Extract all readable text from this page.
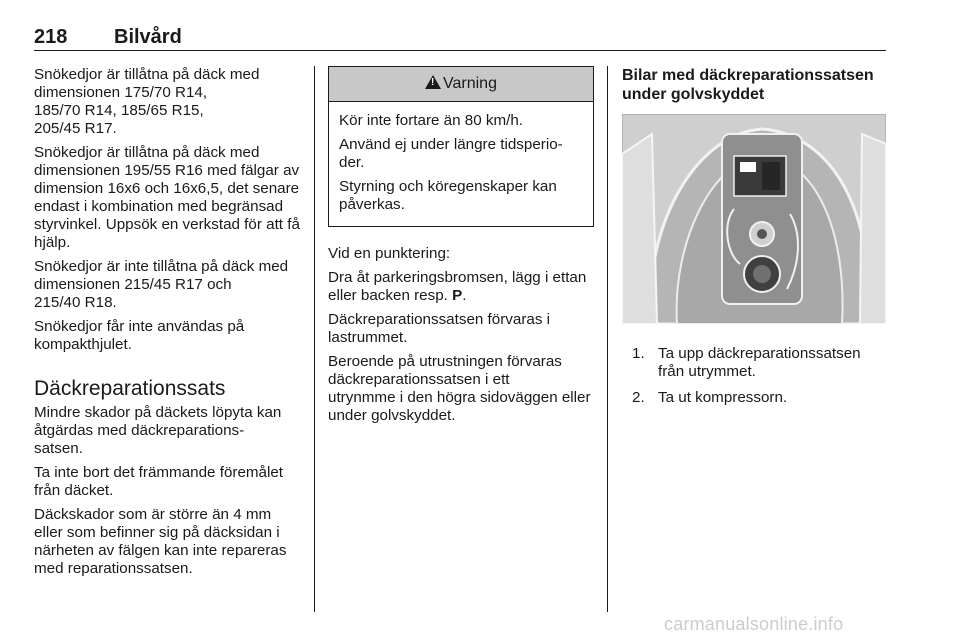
218 Bilvård

Snökedjor är tillåtna på däck med
dimensionen 175/70 R14,
185/70 R14, 185/65 R15,
205/45 R17.

Snökedjor är tillåtna på däck med dimensionen 195/55 R16 med fälgar av dimension 16x6 och 16x6,5, det senare endast i kombination med begränsad styrvinkel. Uppsök en verkstad för att få hjälp.

Snökedjor är inte tillåtna på däck med dimensionen 215/45 R17 och
215/40 R18.

Snökedjor får inte användas på kompakthjulet.

Däckreparationssats

Mindre skador på däckets löpyta kan åtgärdas med däckreparations-
satsen.

Ta inte bort det främmande föremålet från däcket.

Däckskador som är större än 4 mm eller som befinner sig på däcksidan i närheten av fälgen kan inte repareras med reparationssatsen.

!Varning

Kör inte fortare än 80 km/h.

Använd ej under längre tidsperio-
der.

Styrning och köregenskaper kan påverkas.

Vid en punktering:

Dra åt parkeringsbromsen, lägg i ettan eller backen resp. P.

Däckreparationssatsen förvaras i lastrummet.

Beroende på utrustningen förvaras däckreparationssatsen i ett
utrynmme i den högra sidoväggen eller under golvskyddet.

Bilar med däckreparationssatsen under golvskyddet
1. Ta upp däckreparationssatsen från utrymmet.
2. Ta ut kompressorn.
carmanualsonline.info
